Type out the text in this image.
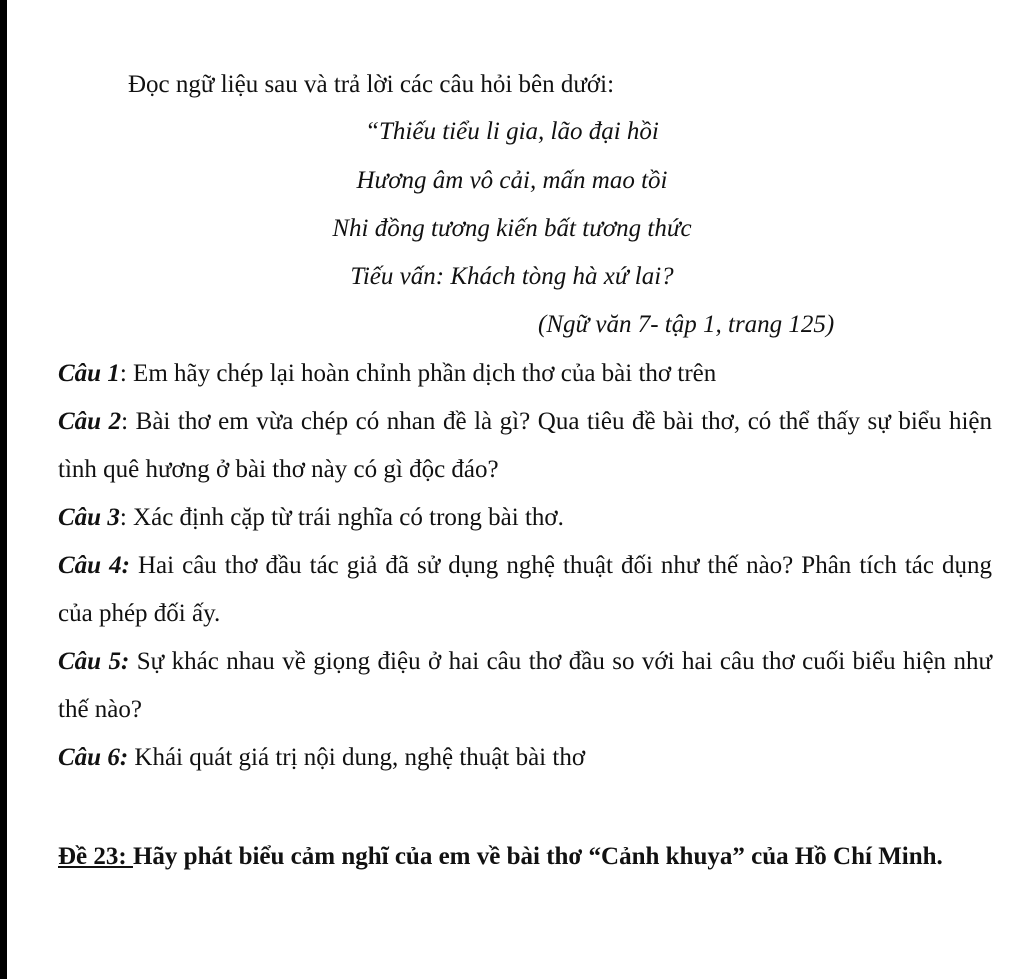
Đọc ngữ liệu sau và trả lời các câu hỏi bên dưới:
“Thiếu tiểu li gia, lão đại hồi
Hương âm vô cải, mấn mao tồi
Nhi đồng tương kiến bất tương thức
Tiếu vấn: Khách tòng hà xứ lai?
(Ngữ văn 7- tập 1, trang 125)
Câu 1: Em hãy chép lại hoàn chỉnh phần dịch thơ của bài thơ trên
Câu 2: Bài thơ em vừa chép có nhan đề là gì? Qua tiêu đề bài thơ, có thể thấy sự biểu hiện tình quê hương ở bài thơ này có gì độc đáo?
Câu 3: Xác định cặp từ trái nghĩa có trong bài thơ.
Câu 4: Hai câu thơ đầu tác giả đã sử dụng nghệ thuật đối như thế nào? Phân tích tác dụng của phép đối ấy.
Câu 5: Sự khác nhau về giọng điệu ở hai câu thơ đầu so với hai câu thơ cuối biểu hiện như thế nào?
Câu 6: Khái quát giá trị nội dung, nghệ thuật bài thơ
Đề 23: Hãy phát biểu cảm nghĩ của em về bài thơ “Cảnh khuya” của Hồ Chí Minh.
